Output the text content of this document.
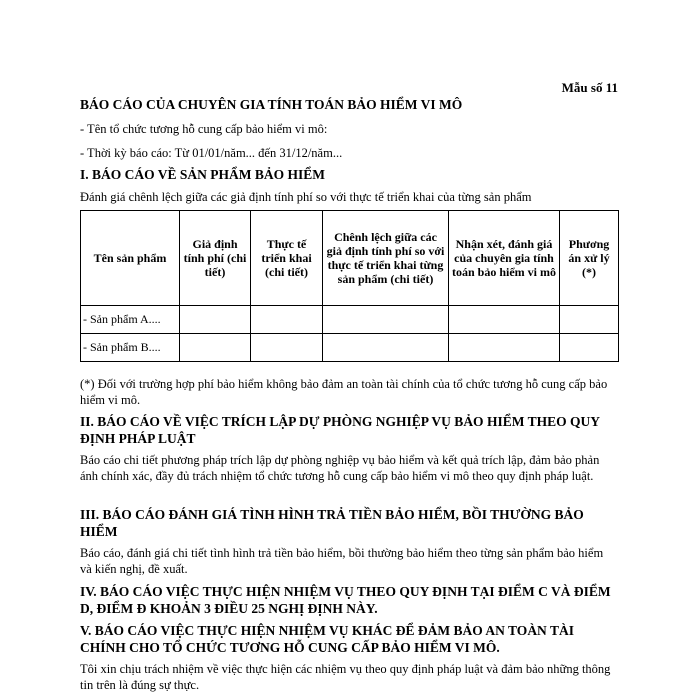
Mẫu số 11
BÁO CÁO CỦA CHUYÊN GIA TÍNH TOÁN BẢO HIỂM VI MÔ
- Tên tổ chức tương hỗ cung cấp bảo hiểm vi mô:
- Thời kỳ báo cáo: Từ 01/01/năm... đến 31/12/năm...
I. BÁO CÁO VỀ SẢN PHẨM BẢO HIỂM
Đánh giá chênh lệch giữa các giả định tính phí so với thực tế triển khai của từng sản phẩm
Tên sản phẩm	Giả định tính phí (chi tiết)	Thực tế triển khai (chi tiết)	Chênh lệch giữa các giả định tính phí so với thực tế triển khai từng sản phẩm (chi tiết)	Nhận xét, đánh giá của chuyên gia tính toán bảo hiểm vi mô	Phương án xử lý (*)
- Sản phẩm A....					
- Sản phẩm B....					
(*) Đối với trường hợp phí bảo hiểm không bảo đảm an toàn tài chính của tổ chức tương hỗ cung cấp bảo hiểm vi mô.
II. BÁO CÁO VỀ VIỆC TRÍCH LẬP DỰ PHÒNG NGHIỆP VỤ BẢO HIỂM THEO QUY ĐỊNH PHÁP LUẬT
Báo cáo chi tiết phương pháp trích lập dự phòng nghiệp vụ bảo hiểm và kết quả trích lập, đảm bảo phản ánh chính xác, đầy đủ trách nhiệm tổ chức tương hỗ cung cấp bảo hiểm vi mô theo quy định pháp luật.
III. BÁO CÁO ĐÁNH GIÁ TÌNH HÌNH TRẢ TIỀN BẢO HIỂM, BỒI THƯỜNG BẢO HIỂM
Báo cáo, đánh giá chi tiết tình hình trả tiền bảo hiểm, bồi thường bảo hiểm theo từng sản phẩm bảo hiểm và kiến nghị, đề xuất.
IV. BÁO CÁO VIỆC THỰC HIỆN NHIỆM VỤ THEO QUY ĐỊNH TẠI ĐIỂM C VÀ ĐIỂM D, ĐIỂM Đ KHOẢN 3 ĐIỀU 25 NGHỊ ĐỊNH NÀY.
V. BÁO CÁO VIỆC THỰC HIỆN NHIỆM VỤ KHÁC ĐỂ ĐẢM BẢO AN TOÀN TÀI CHÍNH CHO TỔ CHỨC TƯƠNG HỖ CUNG CẤP BẢO HIỂM VI MÔ.
Tôi xin chịu trách nhiệm về việc thực hiện các nhiệm vụ theo quy định pháp luật và đảm bảo những thông tin trên là đúng sự thực.
